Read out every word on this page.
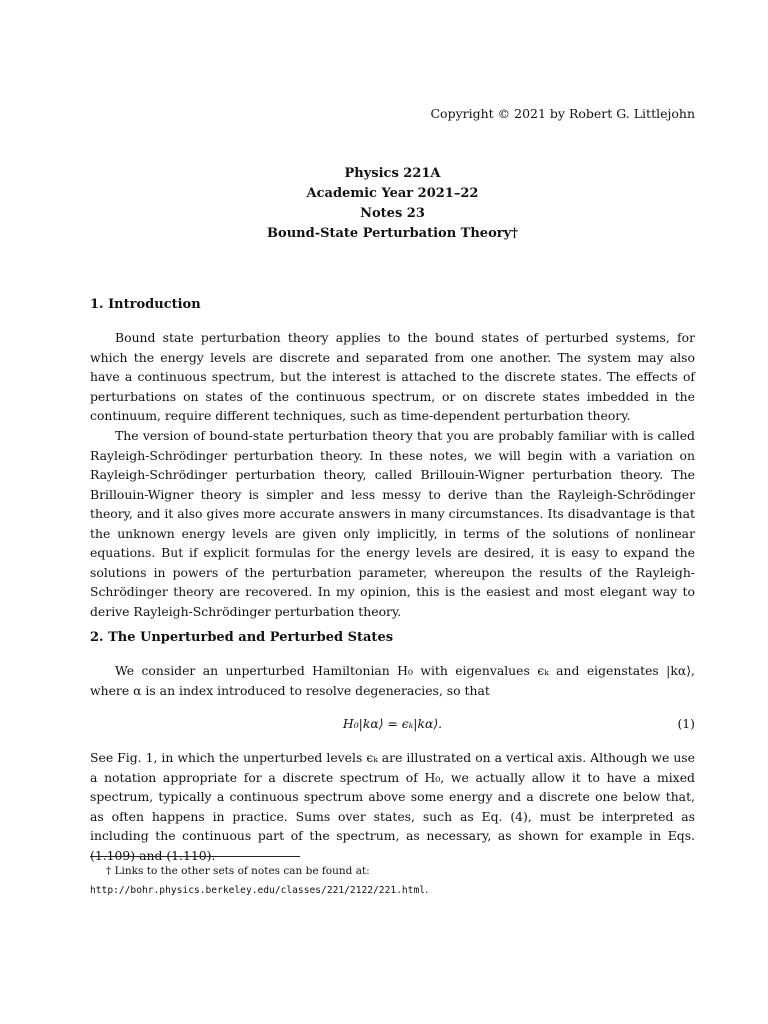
Copyright © 2021 by Robert G. Littlejohn
Physics 221A
Academic Year 2021–22
Notes 23
Bound-State Perturbation Theory†
1. Introduction

Bound state perturbation theory applies to the bound states of perturbed systems, for which the energy levels are discrete and separated from one another. The system may also have a continuous spectrum, but the interest is attached to the discrete states. The effects of perturbations on states of the continuous spectrum, or on discrete states imbedded in the continuum, require different techniques, such as time-dependent perturbation theory.

The version of bound-state perturbation theory that you are probably familiar with is called Rayleigh-Schrödinger perturbation theory. In these notes, we will begin with a variation on Rayleigh-Schrödinger perturbation theory, called Brillouin-Wigner perturbation theory. The Brillouin-Wigner theory is simpler and less messy to derive than the Rayleigh-Schrödinger theory, and it also gives more accurate answers in many circumstances. Its disadvantage is that the unknown energy levels are given only implicitly, in terms of the solutions of nonlinear equations. But if explicit formulas for the energy levels are desired, it is easy to expand the solutions in powers of the perturbation parameter, whereupon the results of the Rayleigh-Schrödinger theory are recovered. In my opinion, this is the easiest and most elegant way to derive Rayleigh-Schrödinger perturbation theory.

2. The Unperturbed and Perturbed States

We consider an unperturbed Hamiltonian H₀ with eigenvalues ϵₖ and eigenstates |kα⟩, where α is an index introduced to resolve degeneracies, so that

H₀|kα⟩ = ϵₖ|kα⟩.	(1)

See Fig. 1, in which the unperturbed levels ϵₖ are illustrated on a vertical axis. Although we use a notation appropriate for a discrete spectrum of H₀, we actually allow it to have a mixed spectrum, typically a continuous spectrum above some energy and a discrete one below that, as often happens in practice. Sums over states, such as Eq. (4), must be interpreted as including the continuous part of the spectrum, as necessary, as shown for example in Eqs. (1.109) and (1.110).

† Links to the other sets of notes can be found at:
http://bohr.physics.berkeley.edu/classes/221/2122/221.html.
